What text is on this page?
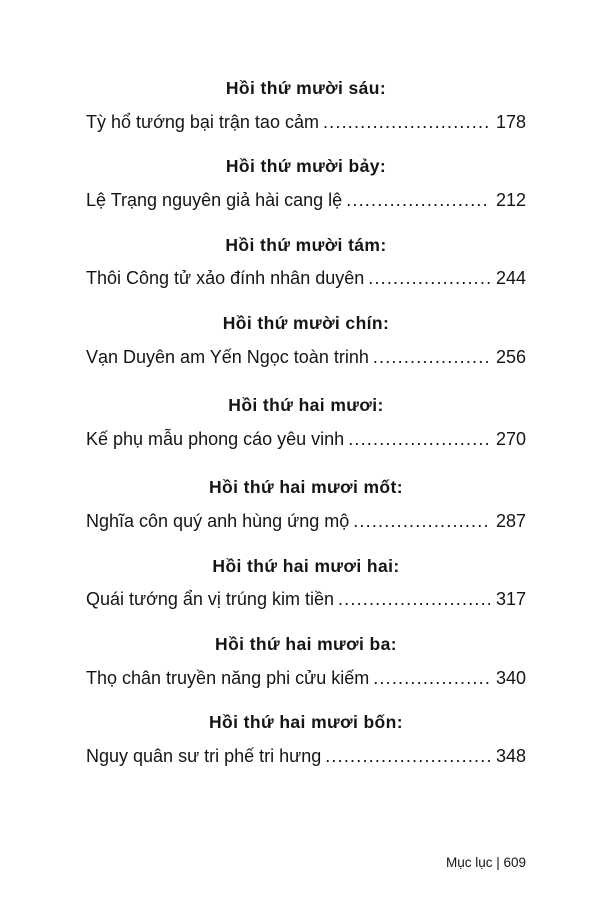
Hồi thứ mười sáu:
Tỳ hổ tướng bại trận tao cảm .....	178
Hồi thứ mười bảy:
Lệ Trạng nguyên giả hài cang lệ .....	212
Hồi thứ mười tám:
Thôi Công tử xảo đính nhân duyên .....	244
Hồi thứ mười chín:
Vạn Duyên am Yến Ngọc toàn trinh .....	256
Hồi thứ hai mươi:
Kế phụ mẫu phong cáo yêu vinh .....	270
Hồi thứ hai mươi mốt:
Nghĩa côn quý anh hùng ứng mộ .....	287
Hồi thứ hai mươi hai:
Quái tướng ẩn vị trúng kim tiền .....	317
Hồi thứ hai mươi ba:
Thọ chân truyền năng phi cửu kiếm .....	340
Hồi thứ hai mươi bốn:
Nguy quân sư tri phế tri hưng .....	348
Mục lục | 609
